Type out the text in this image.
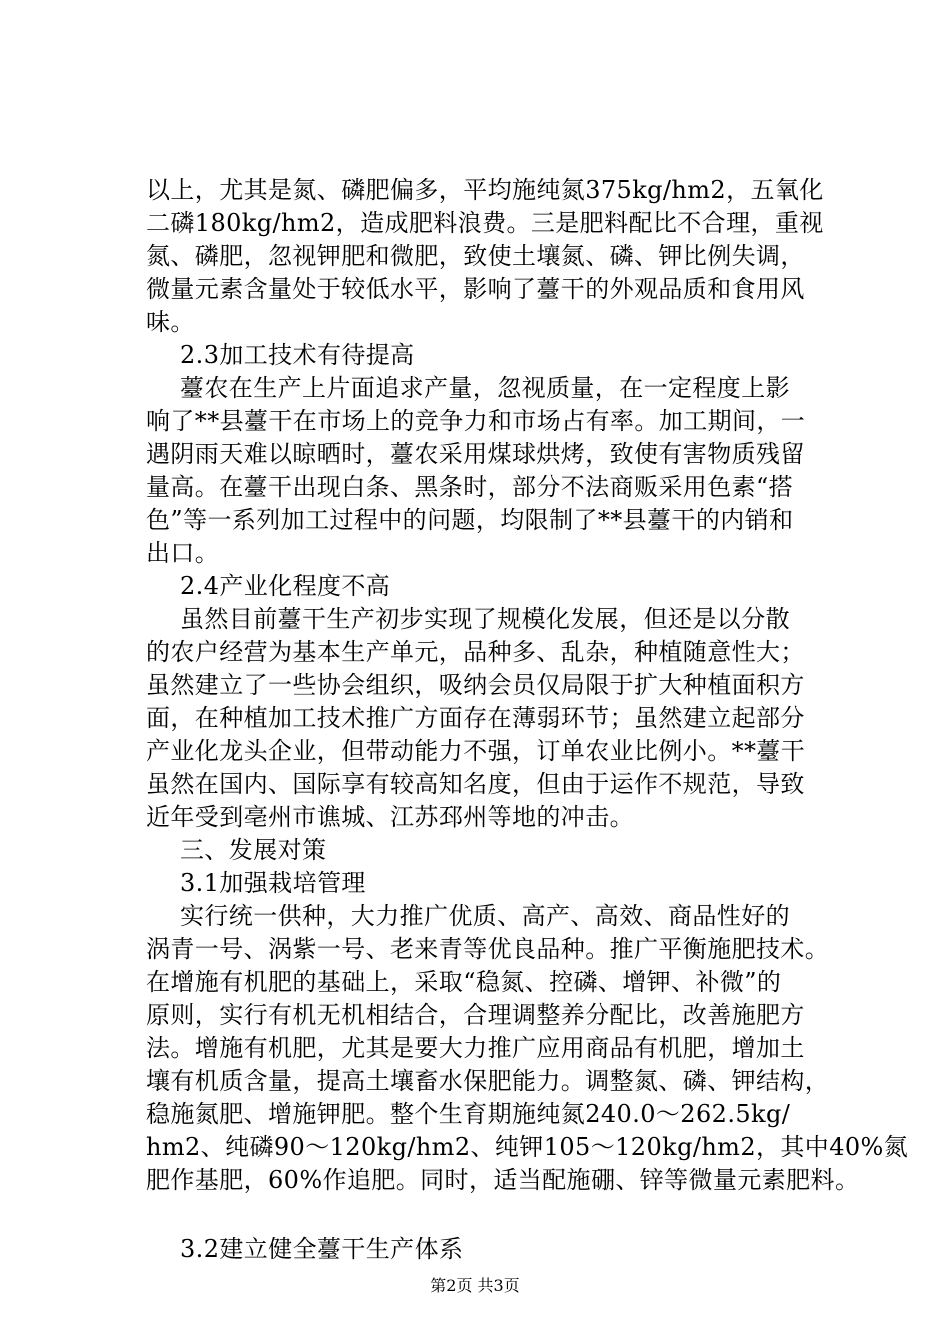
以上，尤其是氮、磷肥偏多，平均施纯氮375kg/hm2，五氧化
二磷180kg/hm2，造成肥料浪费。三是肥料配比不合理，重视
氮、磷肥，忽视钾肥和微肥，致使土壤氮、磷、钾比例失调，
微量元素含量处于较低水平，影响了薹干的外观品质和食用风
味。
2.3加工技术有待提高
薹农在生产上片面追求产量，忽视质量，在一定程度上影
响了**县薹干在市场上的竞争力和市场占有率。加工期间，一
遇阴雨天难以晾晒时，薹农采用煤球烘烤，致使有害物质残留
量高。在薹干出现白条、黑条时，部分不法商贩采用色素“搭
色”等一系列加工过程中的问题，均限制了**县薹干的内销和
出口。
2.4产业化程度不高
虽然目前薹干生产初步实现了规模化发展，但还是以分散
的农户经营为基本生产单元，品种多、乱杂，种植随意性大；
虽然建立了一些协会组织，吸纳会员仅局限于扩大种植面积方
面，在种植加工技术推广方面存在薄弱环节；虽然建立起部分
产业化龙头企业，但带动能力不强，订单农业比例小。**薹干
虽然在国内、国际享有较高知名度，但由于运作不规范，导致
近年受到亳州市谯城、江苏邳州等地的冲击。
三、发展对策
3.1加强栽培管理
实行统一供种，大力推广优质、高产、高效、商品性好的
涡青一号、涡紫一号、老来青等优良品种。推广平衡施肥技术。
在增施有机肥的基础上，采取“稳氮、控磷、增钾、补微”的
原则，实行有机无机相结合，合理调整养分配比，改善施肥方
法。增施有机肥，尤其是要大力推广应用商品有机肥，增加土
壤有机质含量，提高土壤畜水保肥能力。调整氮、磷、钾结构，
稳施氮肥、增施钾肥。整个生育期施纯氮240.0～262.5kg/
hm2、纯磷90～120kg/hm2、纯钾105～120kg/hm2，其中40%氮
肥作基肥，60%作追肥。同时，适当配施硼、锌等微量元素肥料。
3.2建立健全薹干生产体系
第2页 共3页
